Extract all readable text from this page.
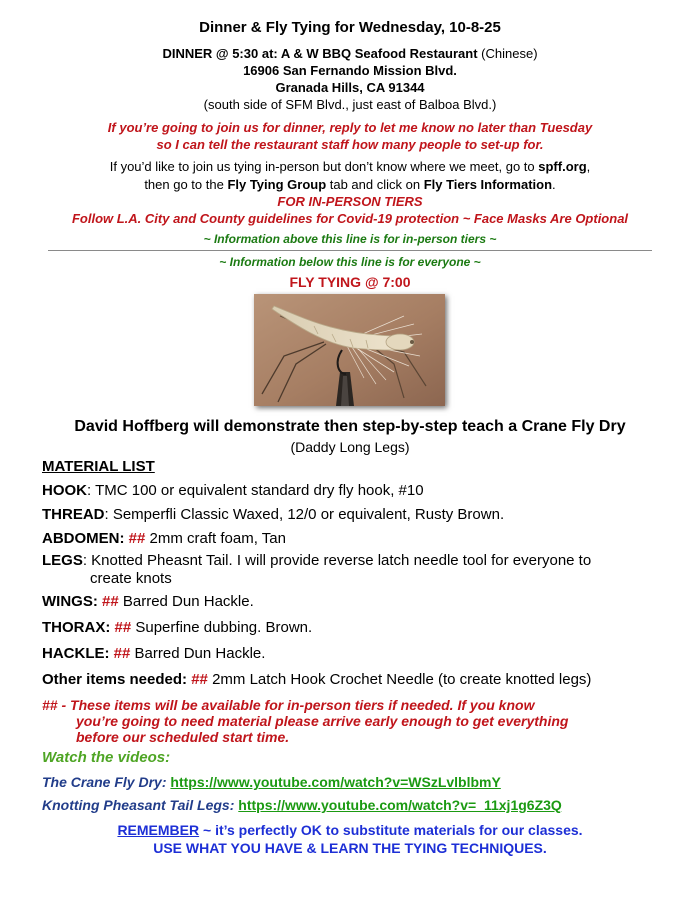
Dinner & Fly Tying for Wednesday, 10-8-25
DINNER @ 5:30 at: A & W BBQ Seafood Restaurant (Chinese)
16906 San Fernando Mission Blvd.
Granada Hills, CA 91344
(south side of SFM Blvd., just east of Balboa Blvd.)
If you’re going to join us for dinner, reply to let me know no later than Tuesday
so I can tell the restaurant staff how many people to set-up for.
If you’d like to join us tying in-person but don’t know where we meet, go to spff.org,
then go to the Fly Tying Group tab and click on Fly Tiers Information.
FOR IN-PERSON TIERS
Follow L.A. City and County guidelines for Covid-19 protection ~ Face Masks Are Optional
~ Information above this line is for in-person tiers ~
~ Information below this line is for everyone ~
FLY TYING @ 7:00
David Hoffberg will demonstrate then step-by-step teach a Crane Fly Dry
(Daddy Long Legs)
MATERIAL LIST
HOOK: TMC 100 or equivalent standard dry fly hook, #10
THREAD: Semperfli Classic Waxed, 12/0 or equivalent, Rusty Brown.
ABDOMEN: ## 2mm craft foam, Tan
LEGS: Knotted Pheasnt Tail. I will provide reverse latch needle tool for everyone to
create knots
WINGS: ## Barred Dun Hackle.
THORAX: ## Superfine dubbing. Brown.
HACKLE: ## Barred Dun Hackle.
Other items needed: ## 2mm Latch Hook Crochet Needle (to create knotted legs)
## - These items will be available for in-person tiers if needed. If you know
you’re going to need material please arrive early enough to get everything
before our scheduled start time.
Watch the videos:
The Crane Fly Dry: https://www.youtube.com/watch?v=WSzLvlblbmY
Knotting Pheasant Tail Legs: https://www.youtube.com/watch?v=_11xj1g6Z3Q
REMEMBER ~ it’s perfectly OK to substitute materials for our classes.
USE WHAT YOU HAVE & LEARN THE TYING TECHNIQUES.
